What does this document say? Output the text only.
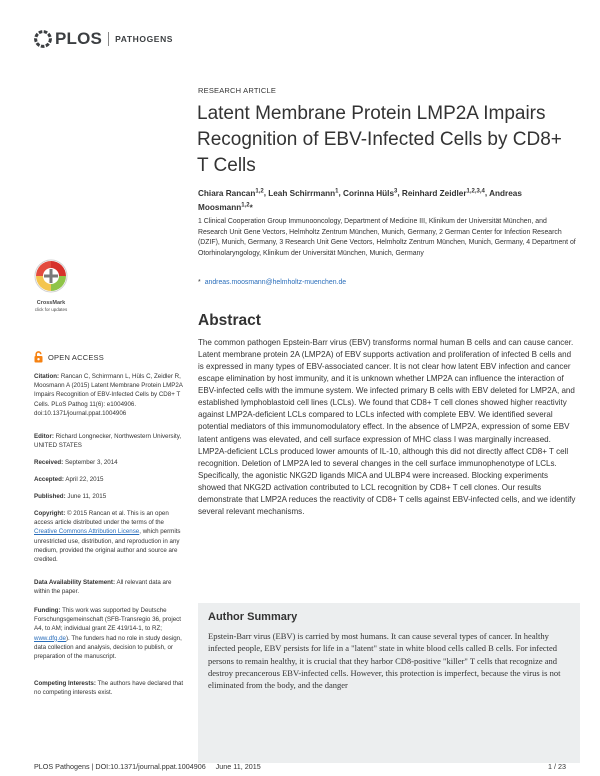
PLOS PATHOGENS
RESEARCH ARTICLE
Latent Membrane Protein LMP2A Impairs Recognition of EBV-Infected Cells by CD8+ T Cells
Chiara Rancan$^{1,2}$, Leah Schirrmann$^1$, Corinna Hüls$^3$, Reinhard Zeidler$^{1,2,3,4}$, Andreas Moosmann$^{1,2}$*
1 Clinical Cooperation Group Immunooncology, Department of Medicine III, Klinikum der Universität München, and Research Unit Gene Vectors, Helmholtz Zentrum München, Munich, Germany, 2 German Center for Infection Research (DZIF), Munich, Germany, 3 Research Unit Gene Vectors, Helmholtz Zentrum München, Munich, Germany, 4 Department of Otorhinolaryngology, Klinikum der Universität München, Munich, Germany
* andreas.moosmann@helmholtz-muenchen.de
Abstract

The common pathogen Epstein-Barr virus (EBV) transforms normal human B cells and can cause cancer. Latent membrane protein 2A (LMP2A) of EBV supports activation and proliferation of infected B cells and is expressed in many types of EBV-associated cancer. It is not clear how latent EBV infection and cancer escape elimination by host immunity, and it is unknown whether LMP2A can influence the interaction of EBV-infected cells with the immune system. We infected primary B cells with EBV deleted for LMP2A, and established lymphoblastoid cell lines (LCLs). We found that CD8+ T cell clones showed higher reactivity against LMP2A-deficient LCLs compared to LCLs infected with complete EBV. We identified several potential mediators of this immunomodulatory effect. In the absence of LMP2A, expression of some EBV latent antigens was elevated, and cell surface expression of MHC class I was marginally increased. LMP2A-deficient LCLs produced lower amounts of IL-10, although this did not directly affect CD8+ T cell recognition. Deletion of LMP2A led to several changes in the cell surface immunophenotype of LCLs. Specifically, the agonistic NKG2D ligands MICA and ULBP4 were increased. Blocking experiments showed that NKG2D activation contributed to LCL recognition by CD8+ T cell clones. Our results demonstrate that LMP2A reduces the reactivity of CD8+ T cells against EBV-infected cells, and we identify several relevant mechanisms.

Author Summary

Epstein-Barr virus (EBV) is carried by most humans. It can cause several types of cancer. In healthy infected people, EBV persists for life in a "latent" state in white blood cells called B cells. For infected persons to remain healthy, it is crucial that they harbor CD8-positive "killer" T cells that recognize and destroy precancerous EBV-infected cells. However, this protection is imperfect, because the virus is not eliminated from the body, and the danger

CrossMark
click for updates
OPEN ACCESS
Citation: Rancan C, Schirrmann L, Hüls C, Zeidler R, Moosmann A (2015) Latent Membrane Protein LMP2A Impairs Recognition of EBV-Infected Cells by CD8+ T Cells. PLoS Pathog 11(6): e1004906. doi:10.1371/journal.ppat.1004906
Editor: Richard Longnecker, Northwestern University, UNITED STATES
Received: September 3, 2014
Accepted: April 22, 2015
Published: June 11, 2015
Copyright: © 2015 Rancan et al. This is an open access article distributed under the terms of the Creative Commons Attribution License, which permits unrestricted use, distribution, and reproduction in any medium, provided the original author and source are credited.
Data Availability Statement: All relevant data are within the paper.
Funding: This work was supported by Deutsche Forschungsgemeinschaft (SFB-Transregio 36, project A4, to AM; individual grant ZE 419/14-1, to RZ; www.dfg.de). The funders had no role in study design, data collection and analysis, decision to publish, or preparation of the manuscript.
Competing Interests: The authors have declared that no competing interests exist.
PLOS Pathogens | DOI:10.1371/journal.ppat.1004906     June 11, 2015	1 / 23
